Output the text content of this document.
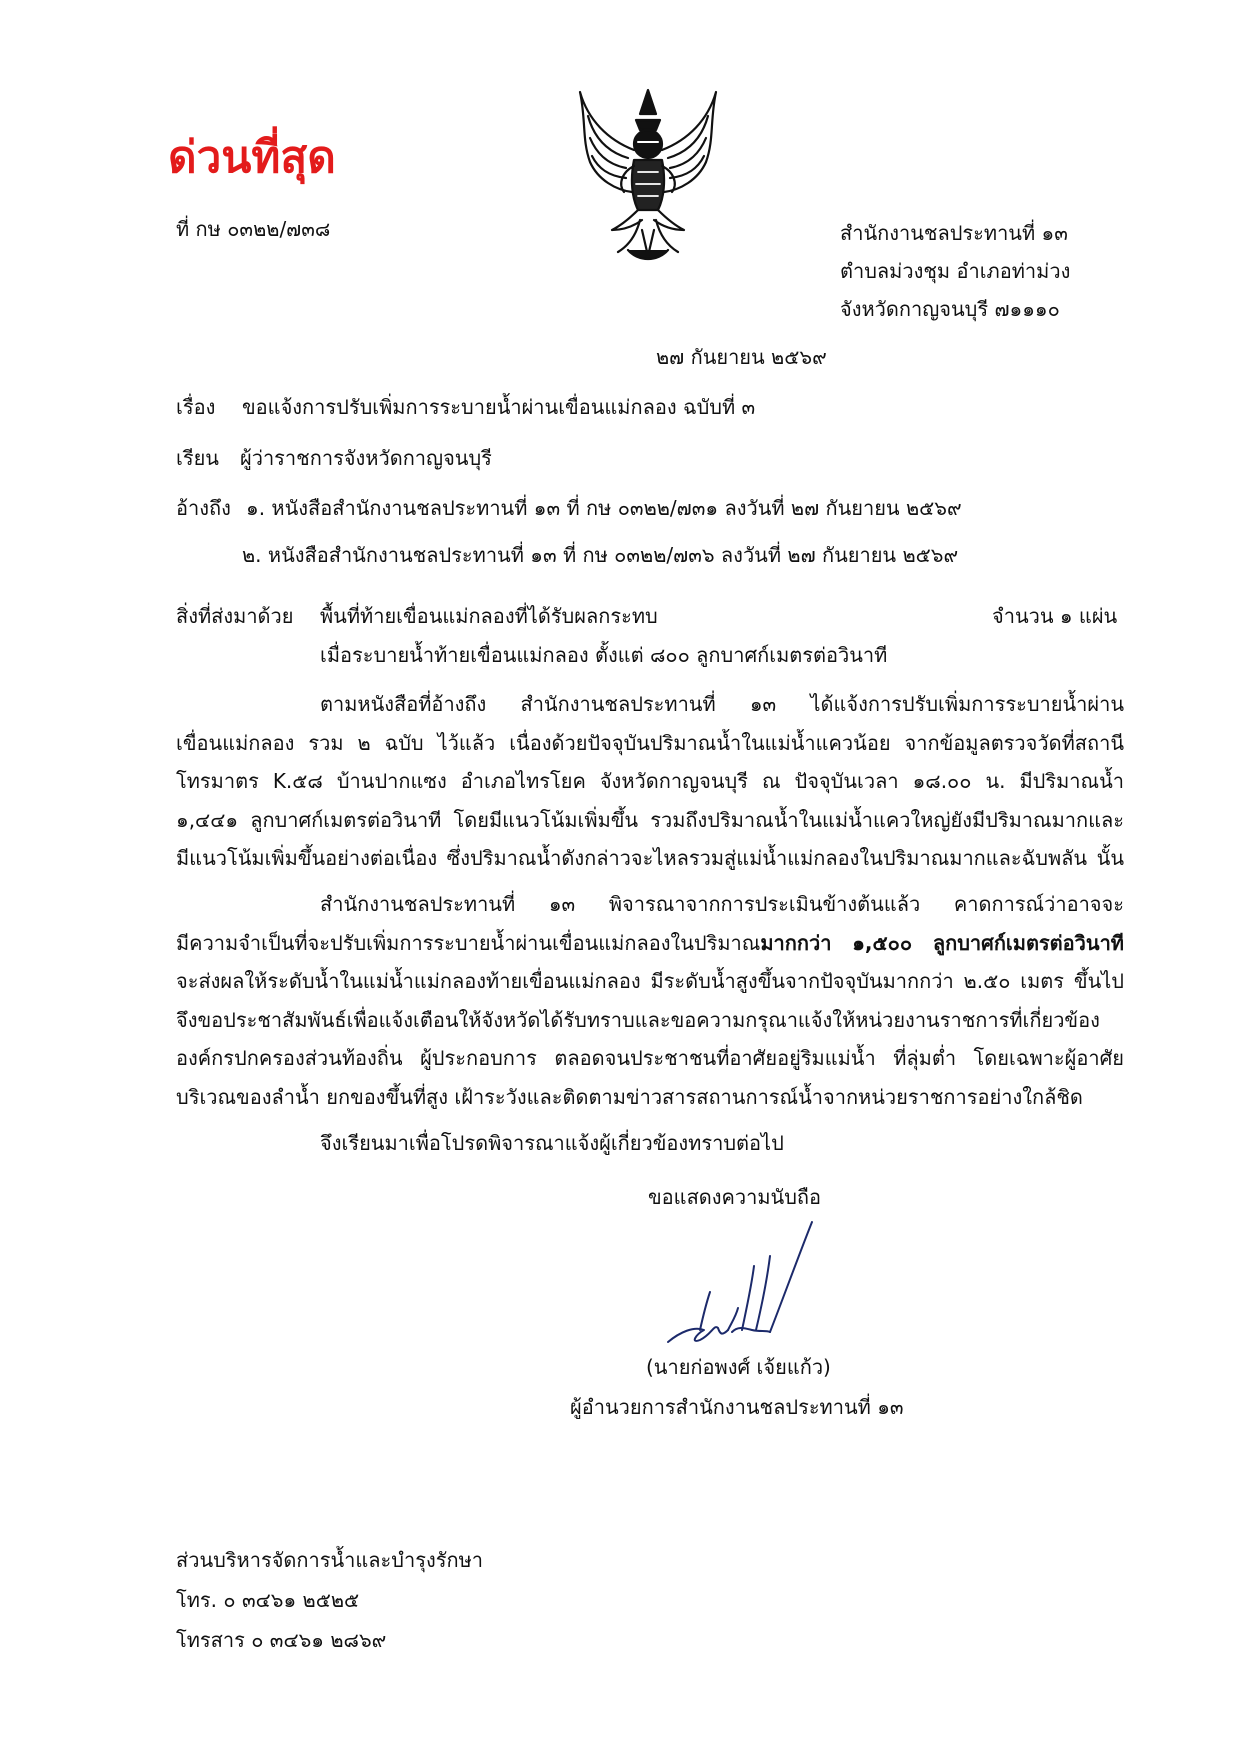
ด่วนที่สุด
ที่ กษ ๐๓๒๒/๗๓๘	สำนักงานชลประทานที่ ๑๓
ตำบลม่วงชุม อำเภอท่าม่วง
จังหวัดกาญจนบุรี ๗๑๑๑๐
๒๗ กันยายน ๒๕๖๙
เรื่อง ขอแจ้งการปรับเพิ่มการระบายน้ำผ่านเขื่อนแม่กลอง ฉบับที่ ๓
เรียน ผู้ว่าราชการจังหวัดกาญจนบุรี
อ้างถึง ๑. หนังสือสำนักงานชลประทานที่ ๑๓ ที่ กษ ๐๓๒๒/๗๓๑ ลงวันที่ ๒๗ กันยายน ๒๕๖๙
๒. หนังสือสำนักงานชลประทานที่ ๑๓ ที่ กษ ๐๓๒๒/๗๓๖ ลงวันที่ ๒๗ กันยายน ๒๕๖๙
สิ่งที่ส่งมาด้วย พื้นที่ท้ายเขื่อนแม่กลองที่ได้รับผลกระทบ	จำนวน ๑ แผ่น
เมื่อระบายน้ำท้ายเขื่อนแม่กลอง ตั้งแต่ ๘๐๐ ลูกบาศก์เมตรต่อวินาที
ตามหนังสือที่อ้างถึง สำนักงานชลประทานที่ ๑๓ ได้แจ้งการปรับเพิ่มการระบายน้ำผ่าน
เขื่อนแม่กลอง รวม ๒ ฉบับ ไว้แล้ว เนื่องด้วยปัจจุบันปริมาณน้ำในแม่น้ำแควน้อย จากข้อมูลตรวจวัดที่สถานี
โทรมาตร K.๕๘ บ้านปากแซง อำเภอไทรโยค จังหวัดกาญจนบุรี ณ ปัจจุบันเวลา ๑๘.๐๐ น. มีปริมาณน้ำ
๑,๔๔๑ ลูกบาศก์เมตรต่อวินาที โดยมีแนวโน้มเพิ่มขึ้น รวมถึงปริมาณน้ำในแม่น้ำแควใหญ่ยังมีปริมาณมากและ
มีแนวโน้มเพิ่มขึ้นอย่างต่อเนื่อง ซึ่งปริมาณน้ำดังกล่าวจะไหลรวมสู่แม่น้ำแม่กลองในปริมาณมากและฉับพลัน นั้น
สำนักงานชลประทานที่ ๑๓ พิจารณาจากการประเมินข้างต้นแล้ว คาดการณ์ว่าอาจจะ
มีความจำเป็นที่จะปรับเพิ่มการระบายน้ำผ่านเขื่อนแม่กลองในปริมาณมากกว่า ๑,๕๐๐ ลูกบาศก์เมตรต่อวินาที
จะส่งผลให้ระดับน้ำในแม่น้ำแม่กลองท้ายเขื่อนแม่กลอง มีระดับน้ำสูงขึ้นจากปัจจุบันมากกว่า ๒.๕๐ เมตร ขึ้นไป
จึงขอประชาสัมพันธ์เพื่อแจ้งเตือนให้จังหวัดได้รับทราบและขอความกรุณาแจ้งให้หน่วยงานราชการที่เกี่ยวข้อง
องค์กรปกครองส่วนท้องถิ่น ผู้ประกอบการ ตลอดจนประชาชนที่อาศัยอยู่ริมแม่น้ำ ที่ลุ่มต่ำ โดยเฉพาะผู้อาศัย
บริเวณของลำน้ำ ยกของขึ้นที่สูง เฝ้าระวังและติดตามข่าวสารสถานการณ์น้ำจากหน่วยราชการอย่างใกล้ชิด
จึงเรียนมาเพื่อโปรดพิจารณาแจ้งผู้เกี่ยวข้องทราบต่อไป
ขอแสดงความนับถือ
(นายก่อพงศ์ เจ้ยแก้ว)
ผู้อำนวยการสำนักงานชลประทานที่ ๑๓
ส่วนบริหารจัดการน้ำและบำรุงรักษา
โทร. ๐ ๓๔๖๑ ๒๕๒๕
โทรสาร ๐ ๓๔๖๑ ๒๘๖๙
